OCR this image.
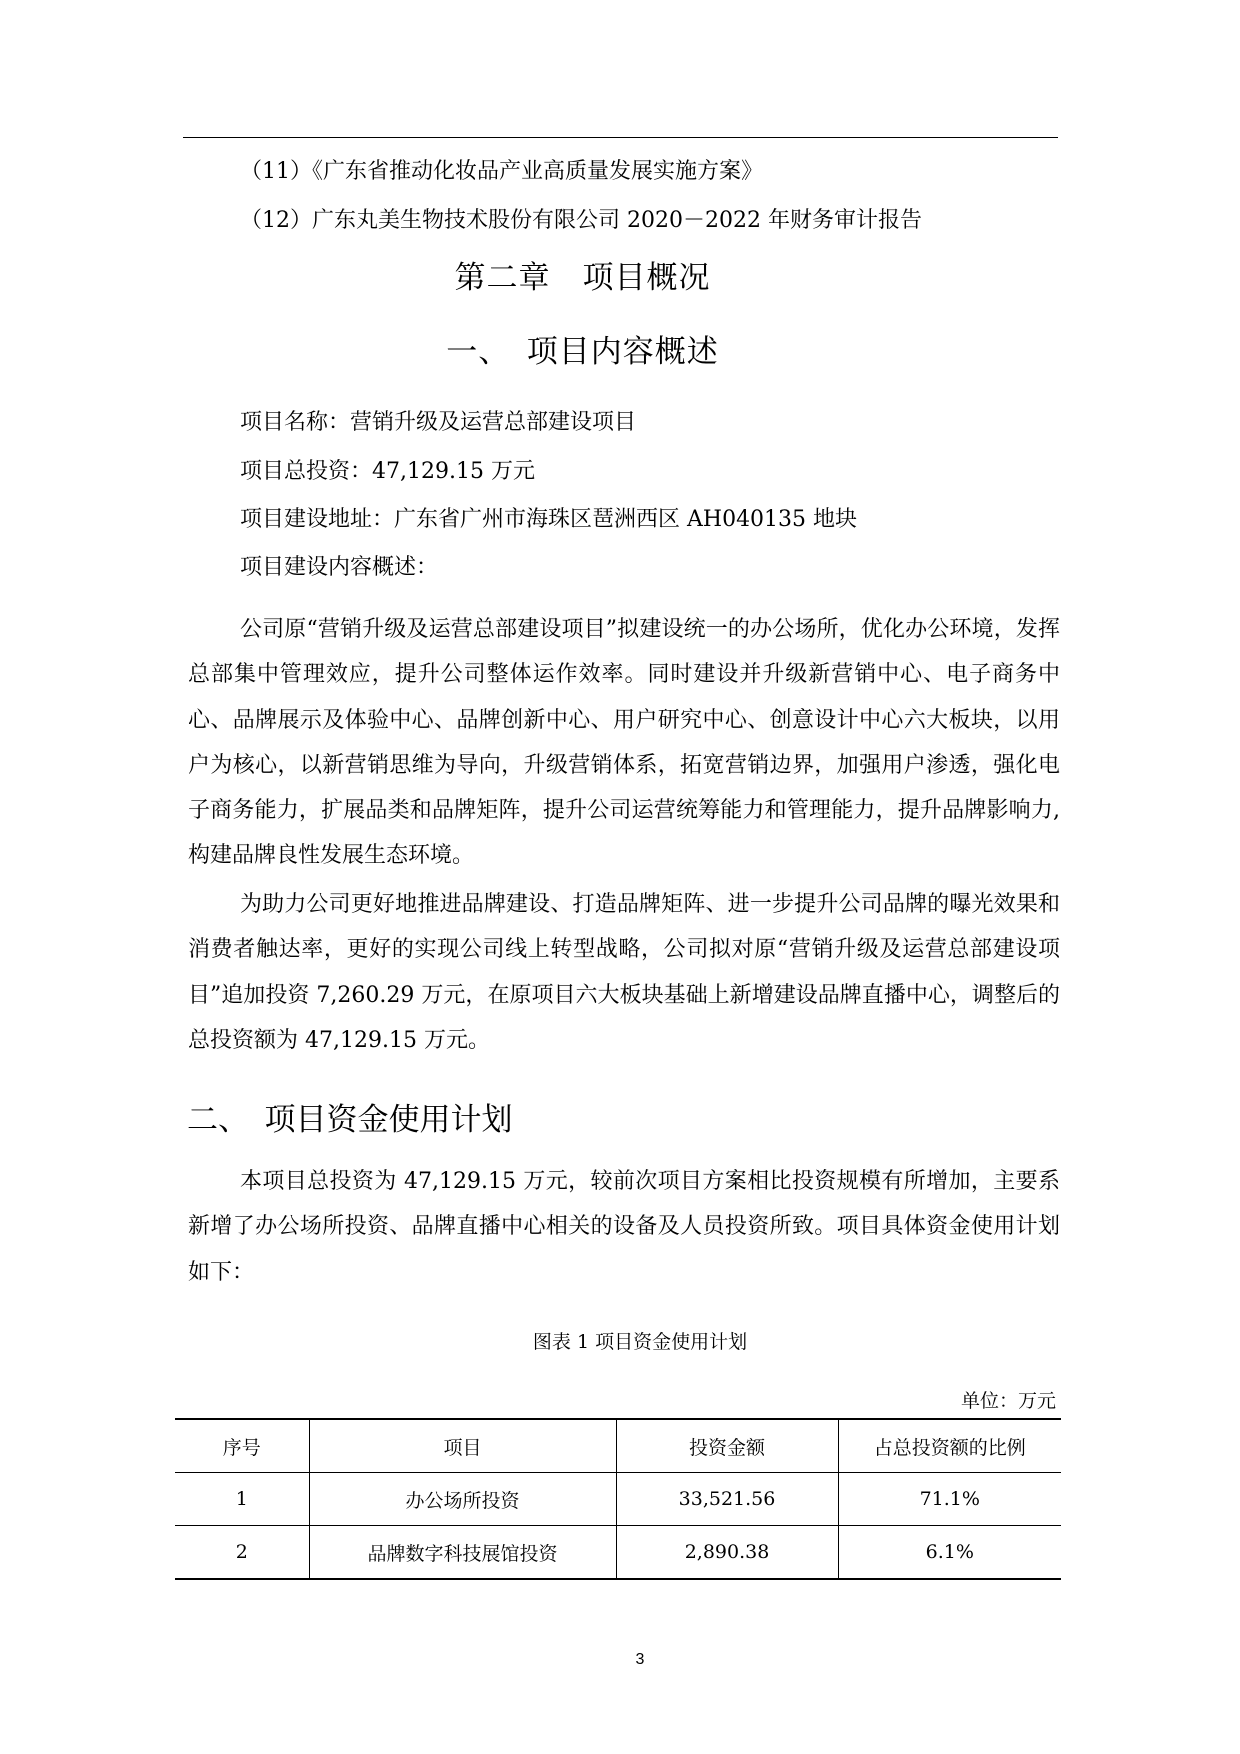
（11）《广东省推动化妆品产业高质量发展实施方案》
（12）广东丸美生物技术股份有限公司 2020－2022 年财务审计报告
第二章　项目概况
一、　项目内容概述
项目名称：营销升级及运营总部建设项目
项目总投资：47,129.15 万元
项目建设地址：广东省广州市海珠区琶洲西区 AH040135 地块
项目建设内容概述：

公司原“营销升级及运营总部建设项目”拟建设统一的办公场所，优化办公环境，发挥总部集中管理效应，提升公司整体运作效率。同时建设并升级新营销中心、电子商务中心、品牌展示及体验中心、品牌创新中心、用户研究中心、创意设计中心六大板块，以用户为核心，以新营销思维为导向，升级营销体系，拓宽营销边界，加强用户渗透，强化电子商务能力，扩展品类和品牌矩阵，提升公司运营统筹能力和管理能力，提升品牌影响力,构建品牌良性发展生态环境。

为助力公司更好地推进品牌建设、打造品牌矩阵、进一步提升公司品牌的曝光效果和消费者触达率，更好的实现公司线上转型战略，公司拟对原“营销升级及运营总部建设项目”追加投资 7,260.29 万元，在原项目六大板块基础上新增建设品牌直播中心，调整后的总投资额为 47,129.15 万元。

二、　项目资金使用计划

本项目总投资为 47,129.15 万元，较前次项目方案相比投资规模有所增加，主要系新增了办公场所投资、品牌直播中心相关的设备及人员投资所致。项目具体资金使用计划如下：

图表 1 项目资金使用计划
单位：万元
序号	项目	投资金额	占总投资额的比例
1	办公场所投资	33,521.56	71.1%
2	品牌数字科技展馆投资	2,890.38	6.1%
3
